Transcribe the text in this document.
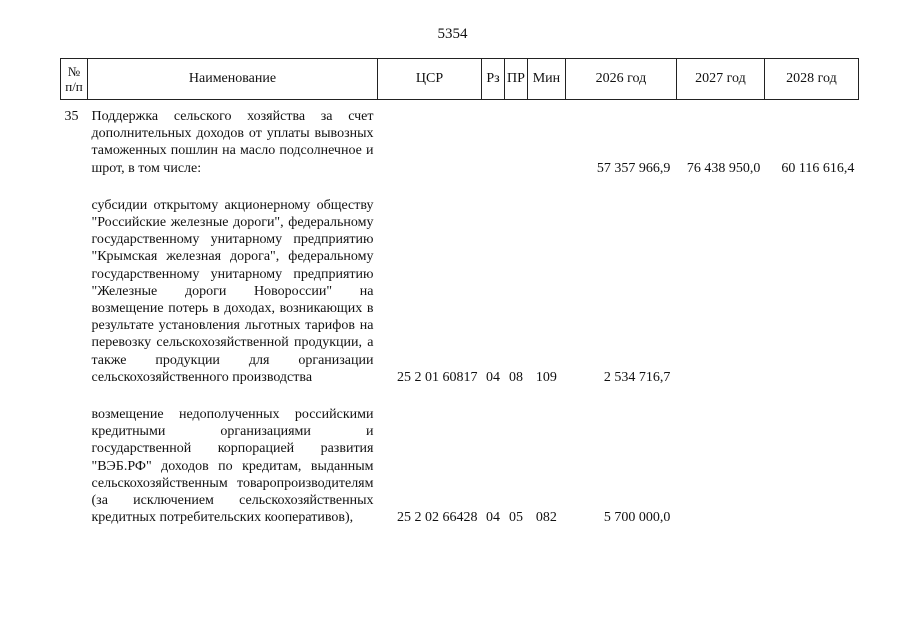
5354
№ п/п	Наименование	ЦСР	Рз	ПР	Мин	2026 год	2027 год	2028 год
35	Поддержка сельского хозяйства за счет дополнительных доходов от уплаты вывозных таможенных пошлин на масло подсолнечное и шрот, в том числе:					57 357 966,9	76 438 950,0	60 116 616,4
	субсидии открытому акционерному обществу "Российские железные дороги", федеральному государственному унитарному предприятию "Крымская железная дорога", федеральному государственному унитарному предприятию "Железные дороги Новороссии" на возмещение потерь в доходах, возникающих в результате установления льготных тарифов на перевозку сельскохозяйственной продукции, а также продукции для организации сельскохозяйственного производства	25 2 01 60817	04	08	109	2 534 716,7		
	возмещение недополученных российскими кредитными организациями и государственной корпорацией развития "ВЭБ.РФ" доходов по кредитам, выданным сельскохозяйственным товаропроизводителям (за исключением сельскохозяйственных кредитных потребительских кооперативов),	25 2 02 66428	04	05	082	5 700 000,0		
